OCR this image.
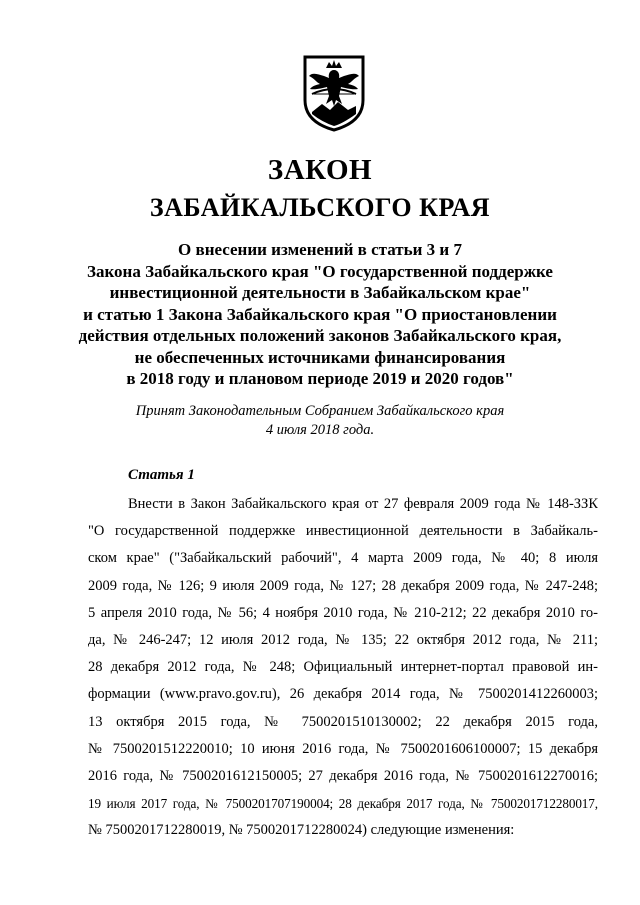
ЗАКОН
ЗАБАЙКАЛЬСКОГО КРАЯ
О внесении изменений в статьи 3 и 7
Закона Забайкальского края "О государственной поддержке
инвестиционной деятельности в Забайкальском крае"
и статью 1 Закона Забайкальского края "О приостановлении
действия отдельных положений законов Забайкальского края,
не обеспеченных источниками финансирования
в 2018 году и плановом периоде 2019 и 2020 годов"
Принят Законодательным Собранием Забайкальского края
4 июля 2018 года.
Статья 1
Внести в Закон Забайкальского края от 27 февраля 2009 года № 148-ЗЗК
"О государственной поддержке инвестиционной деятельности в Забайкаль-
ском крае" ("Забайкальский рабочий", 4 марта 2009 года, № 40; 8 июля
2009 года, № 126; 9 июля 2009 года, № 127; 28 декабря 2009 года, № 247-248;
5 апреля 2010 года, № 56; 4 ноября 2010 года, № 210-212; 22 декабря 2010 го-
да, № 246-247; 12 июля 2012 года, № 135; 22 октября 2012 года, № 211;
28 декабря 2012 года, № 248; Официальный интернет-портал правовой ин-
формации (www.pravo.gov.ru), 26 декабря 2014 года, № 7500201412260003;
13 октября 2015 года, № 7500201510130002; 22 декабря 2015 года,
№ 7500201512220010; 10 июня 2016 года, № 7500201606100007; 15 декабря
2016 года, № 7500201612150005; 27 декабря 2016 года, № 7500201612270016;
19 июля 2017 года, № 7500201707190004; 28 декабря 2017 года, № 7500201712280017,
№ 7500201712280019, № 7500201712280024) следующие изменения:
